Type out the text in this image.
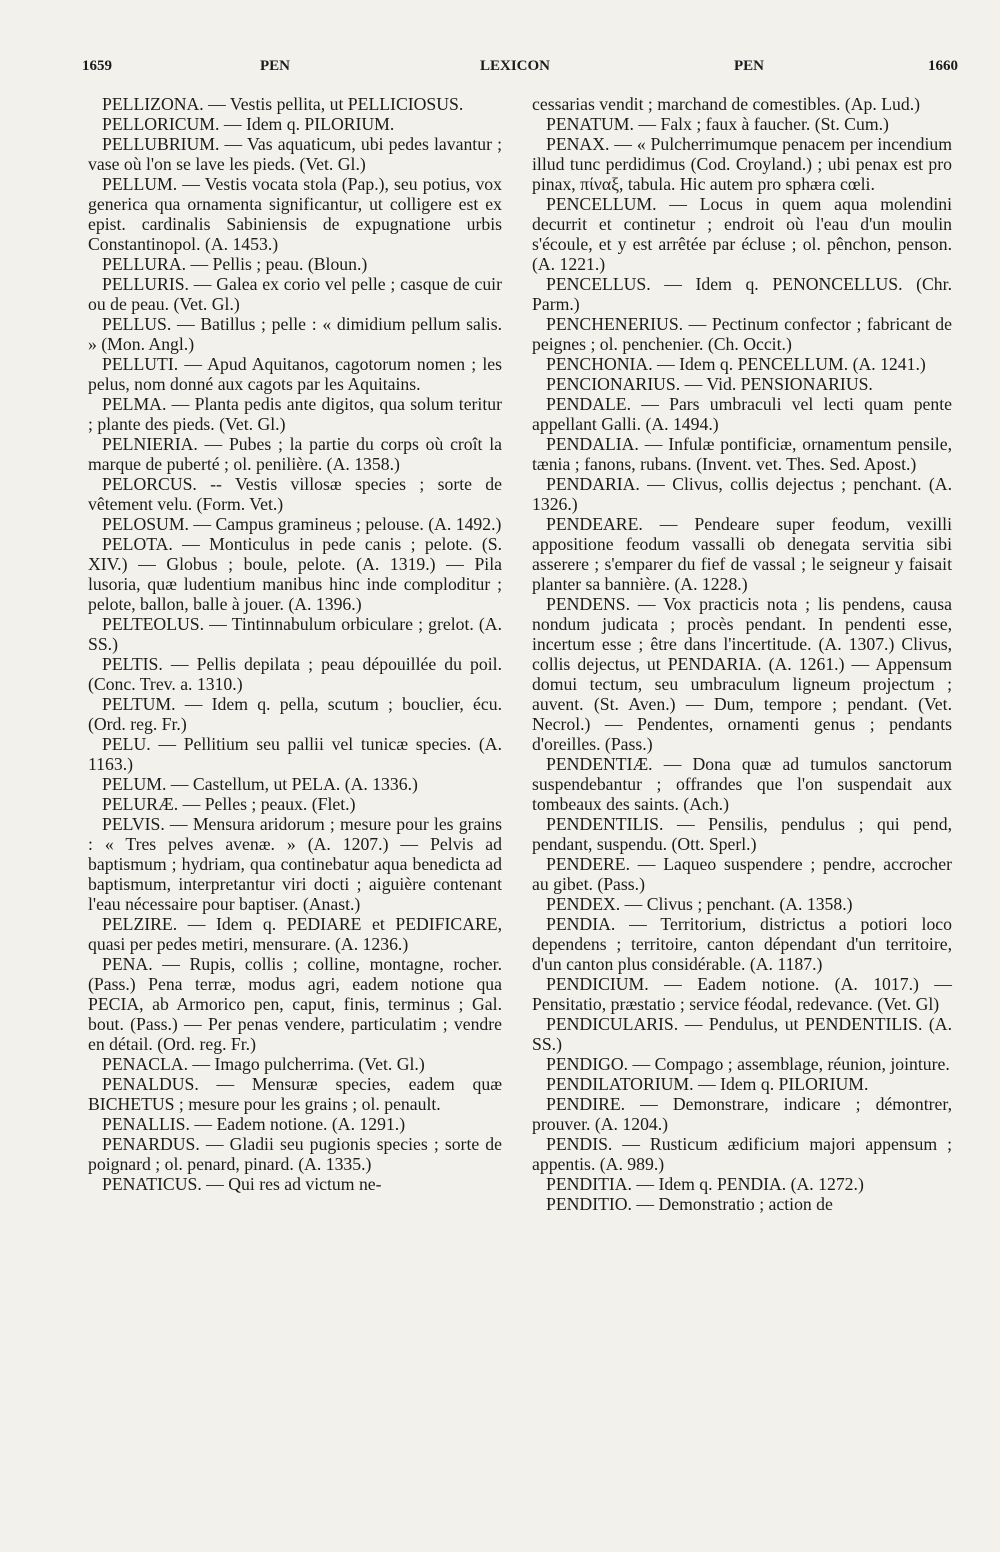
1659	PEN	LEXICON	PEN	1660

PELLIZONA. — Vestis pellita, ut PELLICIOSUS.

PELLORICUM. — Idem q. PILORIUM.

PELLUBRIUM. — Vas aquaticum, ubi pedes lavantur ; vase où l'on se lave les pieds. (Vet. Gl.)

PELLUM. — Vestis vocata stola (Pap.), seu potius, vox generica qua ornamenta significantur, ut colligere est ex epist. cardinalis Sabiniensis de expugnatione urbis Constantinopol. (A. 1453.)

PELLURA. — Pellis ; peau. (Bloun.)

PELLURIS. — Galea ex corio vel pelle ; casque de cuir ou de peau. (Vet. Gl.)

PELLUS. — Batillus ; pelle : « dimidium pellum salis. » (Mon. Angl.)

PELLUTI. — Apud Aquitanos, cagotorum nomen ; les pelus, nom donné aux cagots par les Aquitains.

PELMA. — Planta pedis ante digitos, qua solum teritur ; plante des pieds. (Vet. Gl.)

PELNIERIA. — Pubes ; la partie du corps où croît la marque de puberté ; ol. penilière. (A. 1358.)

PELORCUS. -- Vestis villosæ species ; sorte de vêtement velu. (Form. Vet.)

PELOSUM. — Campus gramineus ; pelouse. (A. 1492.)

PELOTA. — Monticulus in pede canis ; pelote. (S. XIV.) — Globus ; boule, pelote. (A. 1319.) — Pila lusoria, quæ ludentium manibus hinc inde comploditur ; pelote, ballon, balle à jouer. (A. 1396.)

PELTEOLUS. — Tintinnabulum orbiculare ; grelot. (A. SS.)

PELTIS. — Pellis depilata ; peau dépouillée du poil. (Conc. Trev. a. 1310.)

PELTUM. — Idem q. pella, scutum ; bouclier, écu. (Ord. reg. Fr.)

PELU. — Pellitium seu pallii vel tunicæ species. (A. 1163.)

PELUM. — Castellum, ut PELA. (A. 1336.)

PELURÆ. — Pelles ; peaux. (Flet.)

PELVIS. — Mensura aridorum ; mesure pour les grains : « Tres pelves avenæ. » (A. 1207.) — Pelvis ad baptismum ; hydriam, qua continebatur aqua benedicta ad baptismum, interpretantur viri docti ; aiguière contenant l'eau nécessaire pour baptiser. (Anast.)

PELZIRE. — Idem q. PEDIARE et PEDIFICARE, quasi per pedes metiri, mensurare. (A. 1236.)

PENA. — Rupis, collis ; colline, montagne, rocher. (Pass.) Pena terræ, modus agri, eadem notione qua PECIA, ab Armorico pen, caput, finis, terminus ; Gal. bout. (Pass.) — Per penas vendere, particulatim ; vendre en détail. (Ord. reg. Fr.)

PENACLA. — Imago pulcherrima. (Vet. Gl.)

PENALDUS. — Mensuræ species, eadem quæ BICHETUS ; mesure pour les grains ; ol. penault.

PENALLIS. — Eadem notione. (A. 1291.)

PENARDUS. — Gladii seu pugionis species ; sorte de poignard ; ol. penard, pinard. (A. 1335.)

PENATICUS. — Qui res ad victum ne-

cessarias vendit ; marchand de comestibles. (Ap. Lud.)

PENATUM. — Falx ; faux à faucher. (St. Cum.)

PENAX. — « Pulcherrimumque penacem per incendium illud tunc perdidimus (Cod. Croyland.) ; ubi penax est pro pinax, πίναξ, tabula. Hic autem pro sphæra cœli.

PENCELLUM. — Locus in quem aqua molendini decurrit et continetur ; endroit où l'eau d'un moulin s'écoule, et y est arrêtée par écluse ; ol. pênchon, penson. (A. 1221.)

PENCELLUS. — Idem q. PENONCELLUS. (Chr. Parm.)

PENCHENERIUS. — Pectinum confector ; fabricant de peignes ; ol. penchenier. (Ch. Occit.)

PENCHONIA. — Idem q. PENCELLUM. (A. 1241.)

PENCIONARIUS. — Vid. PENSIONARIUS.

PENDALE. — Pars umbraculi vel lecti quam pente appellant Galli. (A. 1494.)

PENDALIA. — Infulæ pontificiæ, ornamentum pensile, tænia ; fanons, rubans. (Invent. vet. Thes. Sed. Apost.)

PENDARIA. — Clivus, collis dejectus ; penchant. (A. 1326.)

PENDEARE. — Pendeare super feodum, vexilli appositione feodum vassalli ob denegata servitia sibi asserere ; s'emparer du fief de vassal ; le seigneur y faisait planter sa bannière. (A. 1228.)

PENDENS. — Vox practicis nota ; lis pendens, causa nondum judicata ; procès pendant. In pendenti esse, incertum esse ; être dans l'incertitude. (A. 1307.) Clivus, collis dejectus, ut PENDARIA. (A. 1261.) — Appensum domui tectum, seu umbraculum ligneum projectum ; auvent. (St. Aven.) — Dum, tempore ; pendant. (Vet. Necrol.) — Pendentes, ornamenti genus ; pendants d'oreilles. (Pass.)

PENDENTIÆ. — Dona quæ ad tumulos sanctorum suspendebantur ; offrandes que l'on suspendait aux tombeaux des saints. (Ach.)

PENDENTILIS. — Pensilis, pendulus ; qui pend, pendant, suspendu. (Ott. Sperl.)

PENDERE. — Laqueo suspendere ; pendre, accrocher au gibet. (Pass.)

PENDEX. — Clivus ; penchant. (A. 1358.)

PENDIA. — Territorium, districtus a potiori loco dependens ; territoire, canton dépendant d'un territoire, d'un canton plus considérable. (A. 1187.)

PENDICIUM. — Eadem notione. (A. 1017.) — Pensitatio, præstatio ; service féodal, redevance. (Vet. Gl)

PENDICULARIS. — Pendulus, ut PENDENTILIS. (A. SS.)

PENDIGO. — Compago ; assemblage, réunion, jointure.

PENDILATORIUM. — Idem q. PILORIUM.

PENDIRE. — Demonstrare, indicare ; démontrer, prouver. (A. 1204.)

PENDIS. — Rusticum ædificium majori appensum ; appentis. (A. 989.)

PENDITIA. — Idem q. PENDIA. (A. 1272.)

PENDITIO. — Demonstratio ; action de
